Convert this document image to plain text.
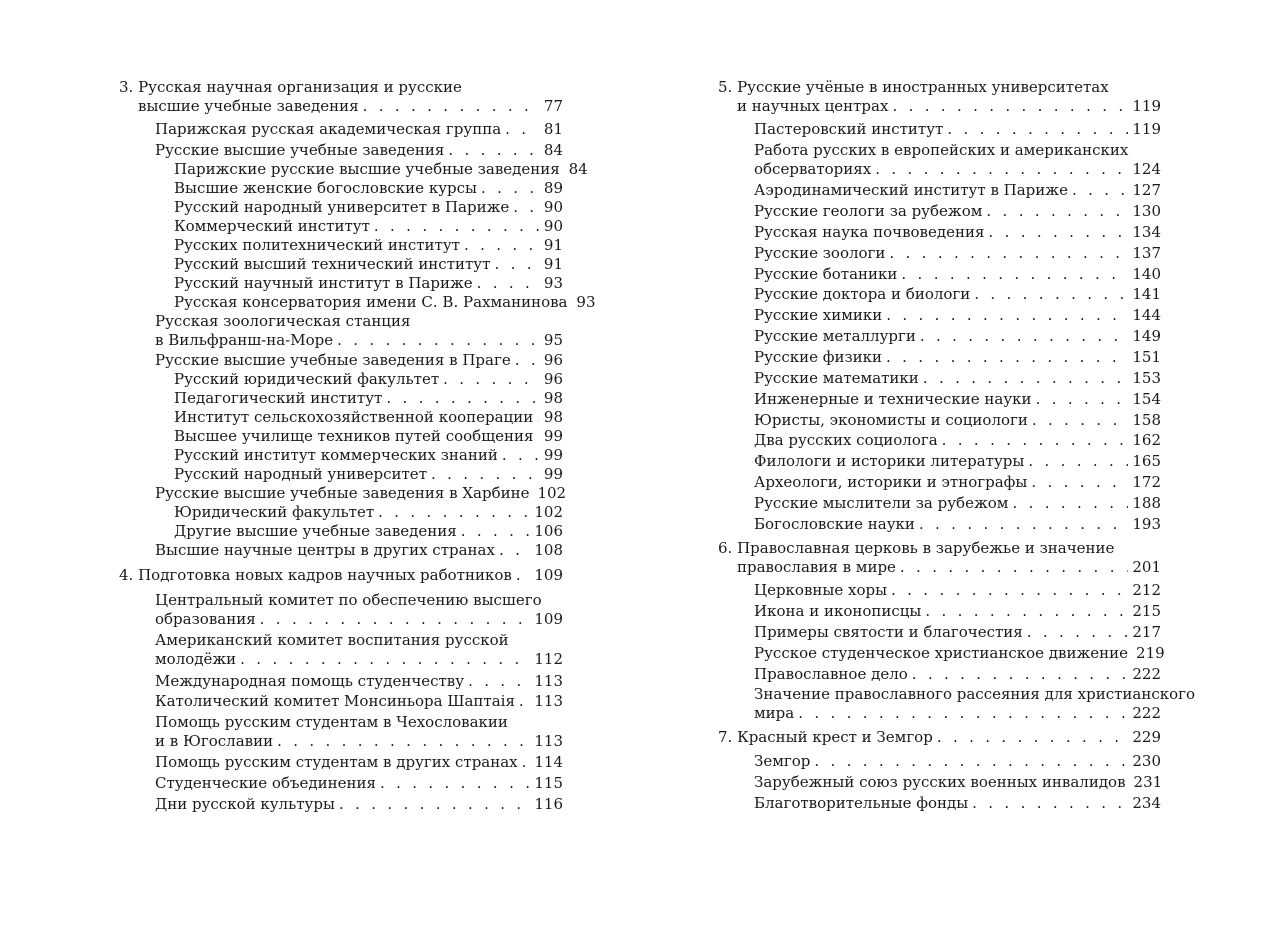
3. Русская научная организация и русские
высшие учебные заведения . . .	77
Парижская русская академическая группа . . .	81
Русские высшие учебные заведения . . .	84
Парижские русские высшие учебные заведения 84
Высшие женские богословские курсы . . .	89
Русский народный университет в Париже . . . 90
Коммерческий институт . . .	90
Русских политехнический институт . . .	91
Русский высший технический институт . . .	91
Русский научный институт в Париже . . .	93
Русская консерватория имени С. В. Рахманинова 93
Русская зоологическая станция
в Вильфранш-на-Море . . .	95
Русские высшие учебные заведения в Праге . . . 96
Русский юридический факультет . . .	96
Педагогический институт . . .	98
Институт сельскохозяйственной кооперации . . . 98
Высшее училище техников путей сообщения . . . 99
Русский институт коммерческих знаний . . .	99
Русский народный университет . . .	99
Русские высшие учебные заведения в Харбине 102
Юридический факультет . . .	102
Другие высшие учебные заведения . . .	106
Высшие научные центры в других странах . . .	108
4. Подготовка новых кадров научных работников . . . 109
Центральный комитет по обеспечению высшего
образования . . .	109
Американский комитет воспитания русской
молодёжи . . .	112
Международная помощь студенчеству . . .	113
Католический комитет Монсиньора Шаптаiя . . . 113
Помощь русским студентам в Чехословакии
и в Югославии . . .	113
Помощь русским студентам в других странах . . . 114
Студенческие объединения . . .	115
Дни русской культуры . . .	116
5. Русские учёные в иностранных университетах
и научных центрах . . .	119
Пастеровский институт . . .	119
Работа русских в европейских и американских
обсерваториях . . .	124
Аэродинамический институт в Париже . . .	127
Русские геологи за рубежом . . .	130
Русская наука почвоведения . . .	134
Русские зоологи . . .	137
Русские ботаники . . .	140
Русские доктора и биологи . . .	141
Русские химики . . .	144
Русские металлурги . . .	149
Русские физики . . .	151
Русские математики . . .	153
Инженерные и технические науки . . .	154
Юристы, экономисты и социологи . . .	158
Два русских социолога . . .	162
Филологи и историки литературы . . .	165
Археологи, историки и этнографы . . .	172
Русские мыслители за рубежом . . .	188
Богословские науки . . .	193
6. Православная церковь в зарубежье и значение
православия в мире . . .	201
Церковные хоры . . .	212
Икона и иконописцы . . .	215
Примеры святости и благочестия . . .	217
Русское студенческое христианское движение 219
Православное дело . . .	222
Значение православного рассеяния для христианского
мира . . .	222
7. Красный крест и Земгор . . .	229
Земгор . . .	230
Зарубежный союз русских военных инвалидов 231
Благотворительные фонды . . .	234
